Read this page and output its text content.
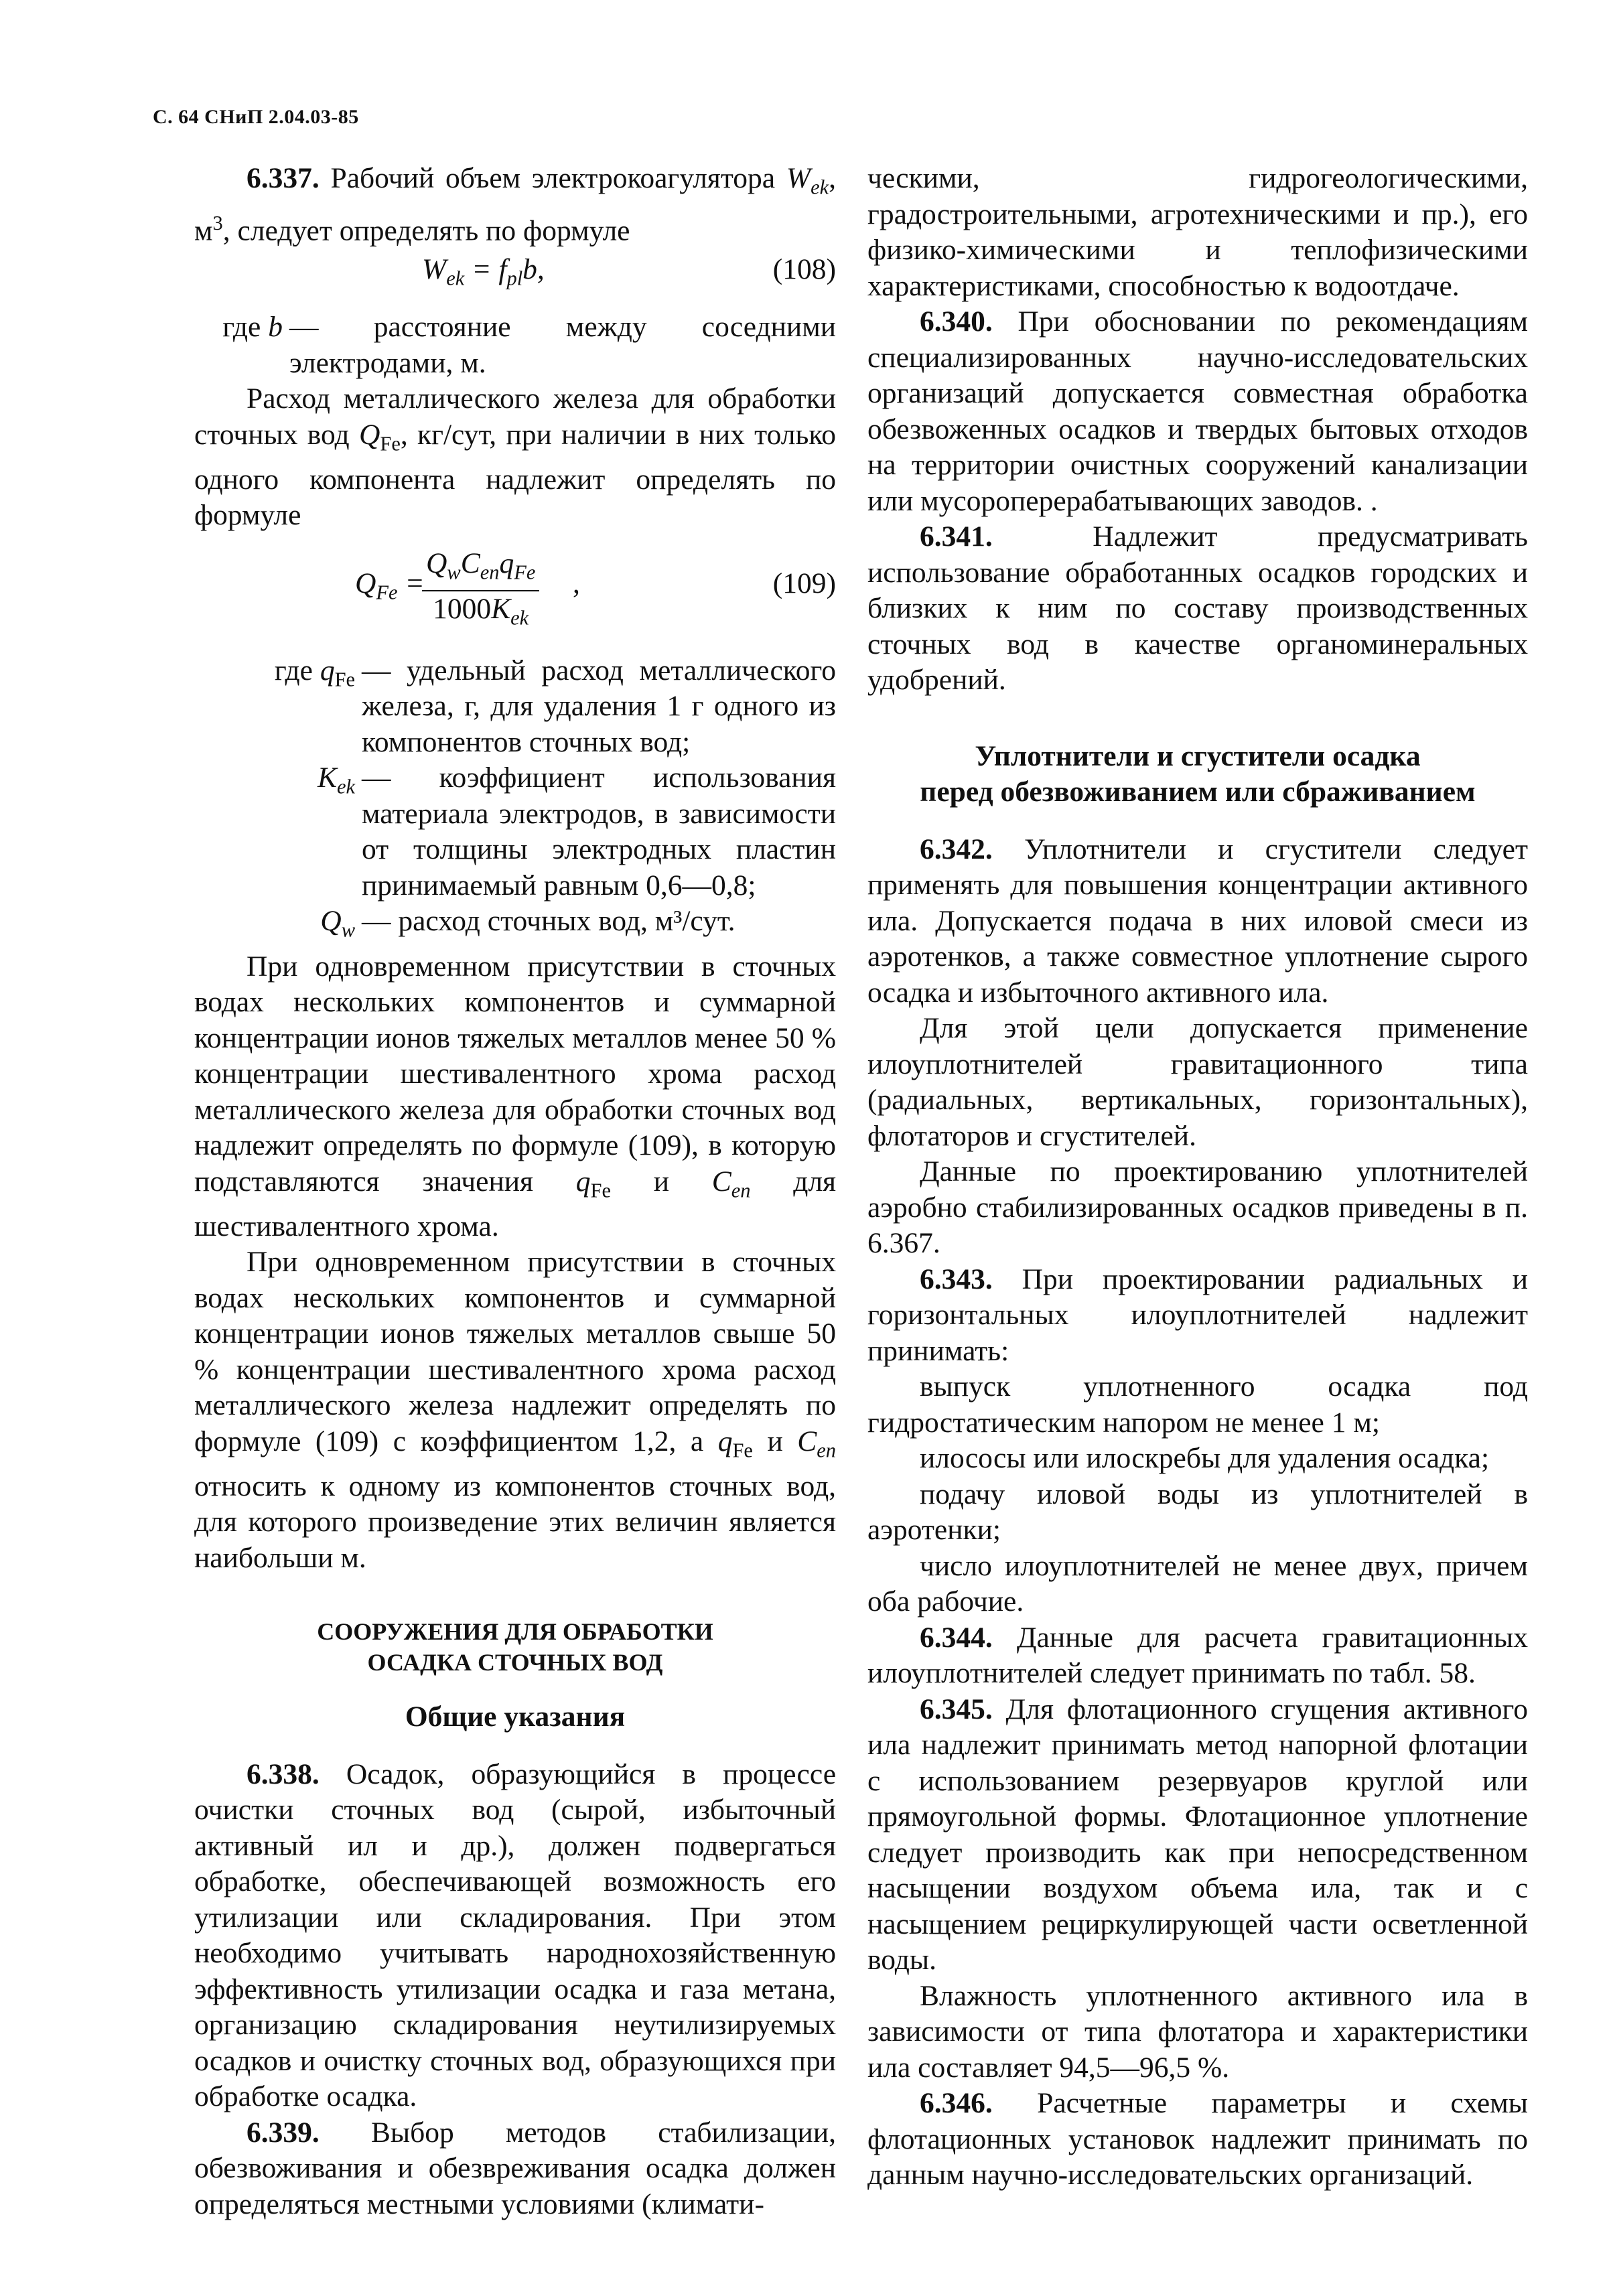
С. 64 СНиП 2.04.03-85

6.337. Рабочий объем электрокоагулятора $W_{ek}$, $м^3$, следует определять по формуле

$W_{ek} = f_{pl}b$,	(108)
где b — расстояние между соседними электродами, м.

Расход металлического железа для обработки сточных вод $Q_{Fe}$, кг/сут, при наличии в них только одного компонента надлежит определять по формуле

$Q_{Fe}$ =
$Q_wC_{en}q_{Fe}$
$1000K_{ek}$
,	(109)
где $q_{Fe}$ — удельный расход металлического железа, г, для удаления 1 г одного из компонентов сточных вод;
$K_{ek}$ — коэффициент использования материала электродов, в зависимости от толщины электродных пластин принимаемый равным 0,6—0,8;
$Q_w$ — расход сточных вод, м³/сут.

При одновременном присутствии в сточных водах нескольких компонентов и суммарной концентрации ионов тяжелых металлов менее 50 % концентрации шестивалентного хрома расход металлического железа для обработки сточных вод надлежит определять по формуле (109), в которую подставляются значения $q_{Fe}$ и $C_{en}$ для шестивалентного хрома.

При одновременном присутствии в сточных водах нескольких компонентов и суммарной концентрации ионов тяжелых металлов свыше 50 % концентрации шестивалентного хрома расход металлического железа надлежит определять по формуле (109) с коэффициентом 1,2, а $q_{Fe}$ и $C_{en}$ относить к одному из компонентов сточных вод, для которого произведение этих величин является наибольши м.

СООРУЖЕНИЯ ДЛЯ ОБРАБОТКИ
ОСАДКА СТОЧНЫХ ВОД

Общие указания

6.338. Осадок, образующийся в процессе очистки сточных вод (сырой, избыточный активный ил и др.), должен подвергаться обработке, обеспечивающей возможность его утилизации или складирования. При этом необходимо учитывать народнохозяйственную эффективность утилизации осадка и газа метана, организацию складирования неутилизируемых осадков и очистку сточных вод, образующихся при обработке осадка.

6.339. Выбор методов стабилизации, обезвоживания и обезвреживания осадка должен определяться местными условиями (климати-

ческими, гидрогеологическими, градостроительными, агротехническими и пр.), его физико-химическими и теплофизическими характеристиками, способностью к водоотдаче.

6.340. При обосновании по рекомендациям специализированных научно-исследовательских организаций допускается совместная обработка обезвоженных осадков и твердых бытовых отходов на территории очистных сооружений канализации или мусороперерабатывающих заводов. .

6.341.	Надлежит предусматривать использование обработанных осадков городских и близких к ним по составу производственных сточных вод в качестве органоминеральных удобрений.

Уплотнители и сгустители осадка
перед обезвоживанием или сбраживанием

6.342. Уплотнители и сгустители следует применять для повышения концентрации активного ила. Допускается подача в них иловой смеси из аэротенков, а также совместное уплотнение сырого осадка и избыточного активного ила.

Для этой цели допускается применение илоуплотнителей гравитационного типа (радиальных, вертикальных, горизонтальных), флотаторов и сгустителей.

Данные по проектированию уплотнителей аэробно стабилизированных осадков приведены в п. 6.367.

6.343. При проектировании радиальных и горизонтальных илоуплотнителей надлежит принимать:

выпуск уплотненного осадка под гидростатическим напором не менее 1 м;

илососы или илоскребы для удаления осадка;

подачу иловой воды из уплотнителей в аэротенки;

число илоуплотнителей не менее двух, причем оба рабочие.

6.344. Данные для расчета гравитационных илоуплотнителей следует принимать по табл. 58.

6.345. Для флотационного сгущения активного ила надлежит принимать метод напорной флотации с использованием резервуаров круглой или прямоугольной формы. Флотационное уплотнение следует производить как при непосредственном насыщении воздухом объема ила, так и с насыщением рециркулирующей части осветленной воды.

Влажность уплотненного активного ила в зависимости от типа флотатора и характеристики ила составляет 94,5—96,5 %.

6.346. Расчетные параметры и схемы флотационных установок надлежит принимать по данным научно-исследовательских организаций.
